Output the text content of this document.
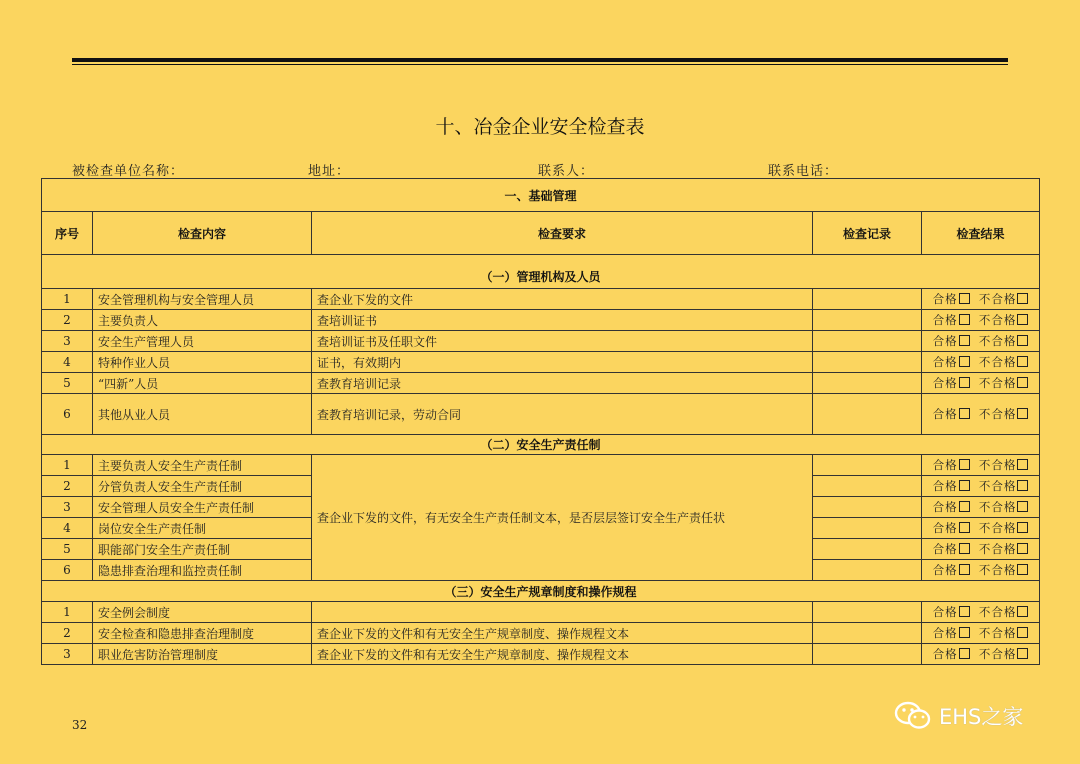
十、冶金企业安全检查表
被检查单位名称：	地址：	联系人：	联系电话：
一、基础管理				
序号	检查内容	检查要求	检查记录	检查结果
（一）管理机构及人员				
1	安全管理机构与安全管理人员	查企业下发的文件		合格 不合格
2	主要负责人	查培训证书		合格 不合格
3	安全生产管理人员	查培训证书及任职文件		合格 不合格
4	特种作业人员	证书，有效期内		合格 不合格
5	“四新”人员	查教育培训记录		合格 不合格
6	其他从业人员	查教育培训记录，劳动合同		合格 不合格
（二）安全生产责任制				
1	主要负责人安全生产责任制	查企业下发的文件，有无安全生产责任制文本，是否层层签订安全生产责任状		合格 不合格
2	分管负责人安全生产责任制			合格 不合格
3	安全管理人员安全生产责任制			合格 不合格
4	岗位安全生产责任制			合格 不合格
5	职能部门安全生产责任制			合格 不合格
6	隐患排查治理和监控责任制			合格 不合格
（三）安全生产规章制度和操作规程				
1	安全例会制度			合格 不合格
2	安全检查和隐患排查治理制度	查企业下发的文件和有无安全生产规章制度、操作规程文本		合格 不合格
3	职业危害防治管理制度	查企业下发的文件和有无安全生产规章制度、操作规程文本		合格 不合格
32	EHS之家
